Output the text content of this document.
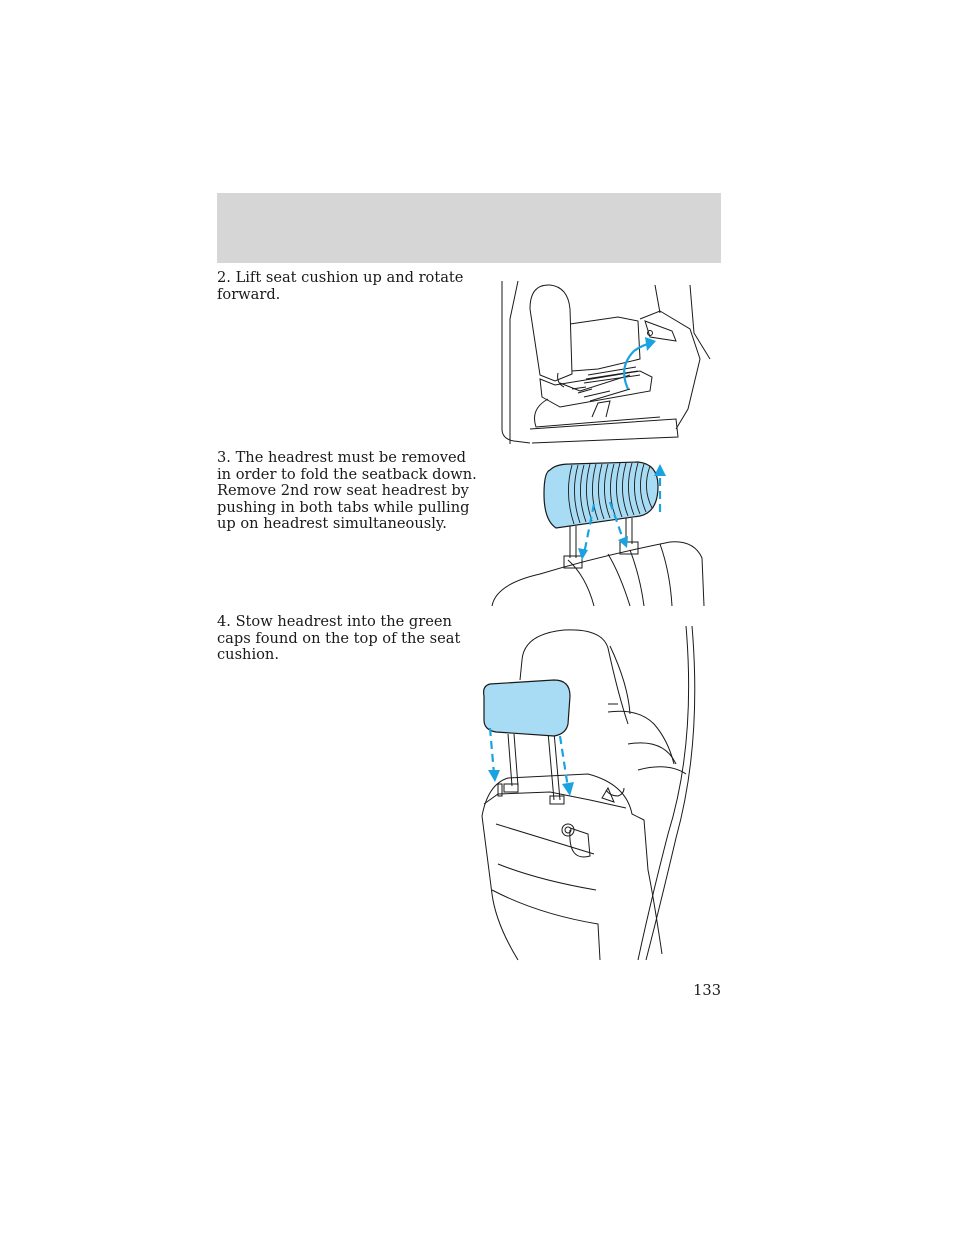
2. Lift seat cushion up and rotate forward.

3. The headrest must be removed in order to fold the seatback down. Remove 2nd row seat headrest by pushing in both tabs while pulling up on headrest simultaneously.

4. Stow headrest into the green caps found on the top of the seat cushion.

133
